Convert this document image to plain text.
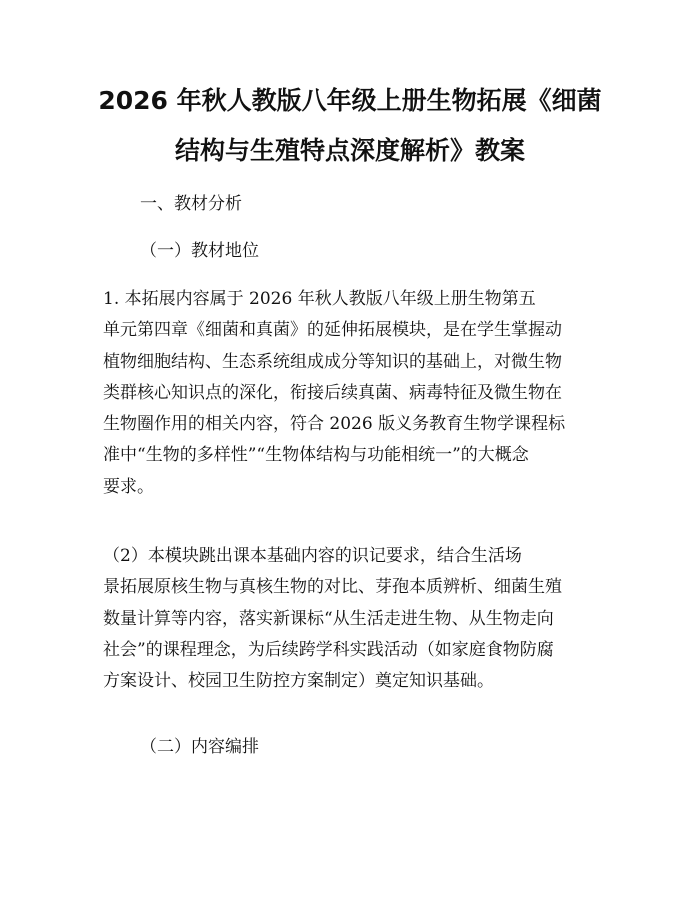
2026 年秋人教版八年级上册生物拓展《细菌
结构与生殖特点深度解析》教案

一、教材分析

（一）教材地位

1. 本拓展内容属于 2026 年秋人教版八年级上册生物第五
单元第四章《细菌和真菌》的延伸拓展模块，是在学生掌握动
植物细胞结构、生态系统组成成分等知识的基础上，对微生物
类群核心知识点的深化，衔接后续真菌、病毒特征及微生物在
生物圈作用的相关内容，符合 2026 版义务教育生物学课程标
准中“生物的多样性”“生物体结构与功能相统一”的大概念
要求。
（2）本模块跳出课本基础内容的识记要求，结合生活场
景拓展原核生物与真核生物的对比、芽孢本质辨析、细菌生殖
数量计算等内容，落实新课标“从生活走进生物、从生物走向
社会”的课程理念，为后续跨学科实践活动（如家庭食物防腐
方案设计、校园卫生防控方案制定）奠定知识基础。

（二）内容编排
